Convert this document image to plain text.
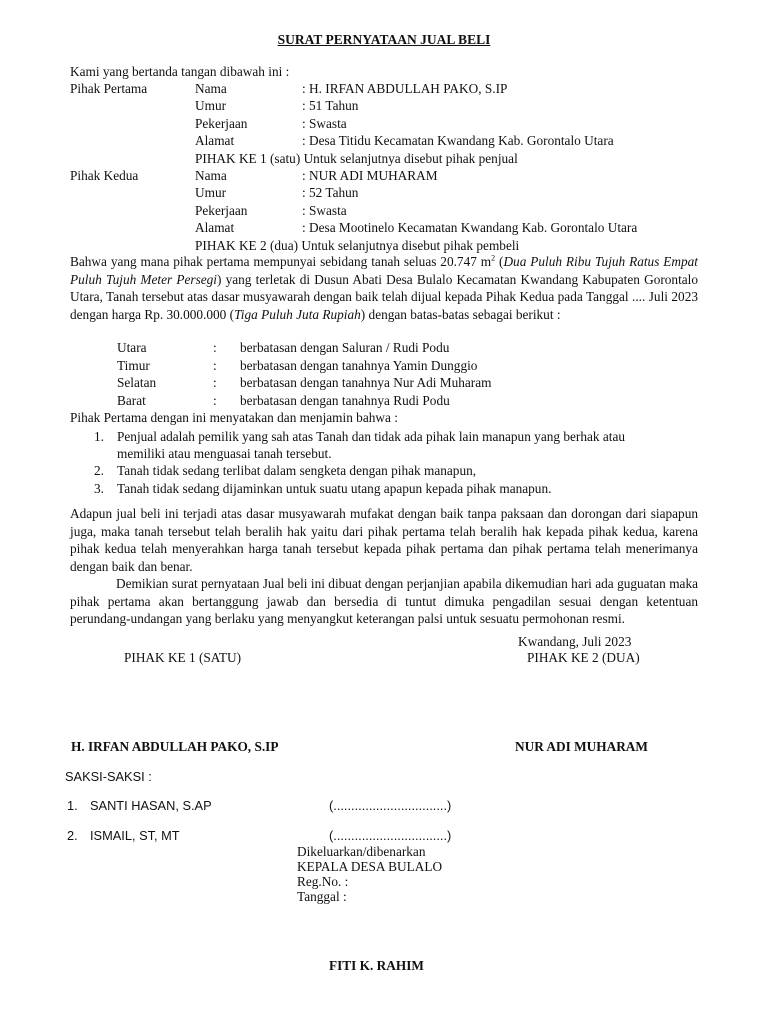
SURAT PERNYATAAN JUAL BELI
Kami yang bertanda tangan dibawah ini :
Pihak Pertama	Nama	: H. IRFAN ABDULLAH PAKO, S.IP
Umur	: 51 Tahun
Pekerjaan	: Swasta
Alamat	: Desa Titidu Kecamatan Kwandang Kab. Gorontalo Utara
PIHAK KE 1 (satu) Untuk selanjutnya disebut pihak penjual
Pihak Kedua	Nama	: NUR ADI MUHARAM
Umur	: 52 Tahun
Pekerjaan	: Swasta
Alamat	: Desa Mootinelo Kecamatan Kwandang Kab. Gorontalo Utara
PIHAK KE 2 (dua) Untuk selanjutnya disebut pihak pembeli
Bahwa yang mana pihak pertama mempunyai sebidang tanah seluas 20.747 $m^2$ (Dua Puluh Ribu Tujuh Ratus Empat Puluh Tujuh Meter Persegi) yang terletak di Dusun Abati Desa Bulalo Kecamatan Kwandang Kabupaten Gorontalo Utara, Tanah tersebut atas dasar musyawarah dengan baik telah dijual kepada Pihak Kedua pada Tanggal .... Juli 2023 dengan harga Rp. 30.000.000 (Tiga Puluh Juta Rupiah) dengan batas-batas sebagai berikut :
Utara	: berbatasan dengan Saluran / Rudi Podu
Timur	: berbatasan dengan tanahnya Yamin Dunggio
Selatan	: berbatasan dengan tanahnya Nur Adi Muharam
Barat	: berbatasan dengan tanahnya Rudi Podu
Pihak Pertama dengan ini menyatakan dan menjamin bahwa :
1. Penjual adalah pemilik yang sah atas Tanah dan tidak ada pihak lain manapun yang berhak atau
memiliki atau menguasai tanah tersebut.
2. Tanah tidak sedang terlibat dalam sengketa dengan pihak manapun,
3. Tanah tidak sedang dijaminkan untuk suatu utang apapun kepada pihak manapun.
Adapun jual beli ini terjadi atas dasar musyawarah mufakat dengan baik tanpa paksaan dan dorongan dari siapapun juga, maka tanah tersebut telah beralih hak yaitu dari pihak pertama telah beralih hak kepada pihak kedua, karena pihak kedua telah menyerahkan harga tanah tersebut kepada pihak pertama dan pihak pertama telah menerimanya dengan baik dan benar.
Demikian surat pernyataan Jual beli ini dibuat dengan perjanjian apabila dikemudian hari ada guguatan maka pihak pertama akan bertanggung jawab dan bersedia di tuntut dimuka pengadilan sesuai dengan ketentuan perundang-undangan yang berlaku yang menyangkut keterangan palsi untuk sesuatu permohonan resmi.
Kwandang, Juli 2023
PIHAK KE 1 (SATU)	PIHAK KE 2 (DUA)
H. IRFAN ABDULLAH PAKO, S.IP	NUR ADI MUHARAM
SAKSI-SAKSI :
1. SANTI HASAN, S.AP	(................................)
2. ISMAIL, ST, MT	(................................)
Dikeluarkan/dibenarkan
KEPALA DESA BULALO
Reg.No. :
Tanggal :
FITI K. RAHIM
